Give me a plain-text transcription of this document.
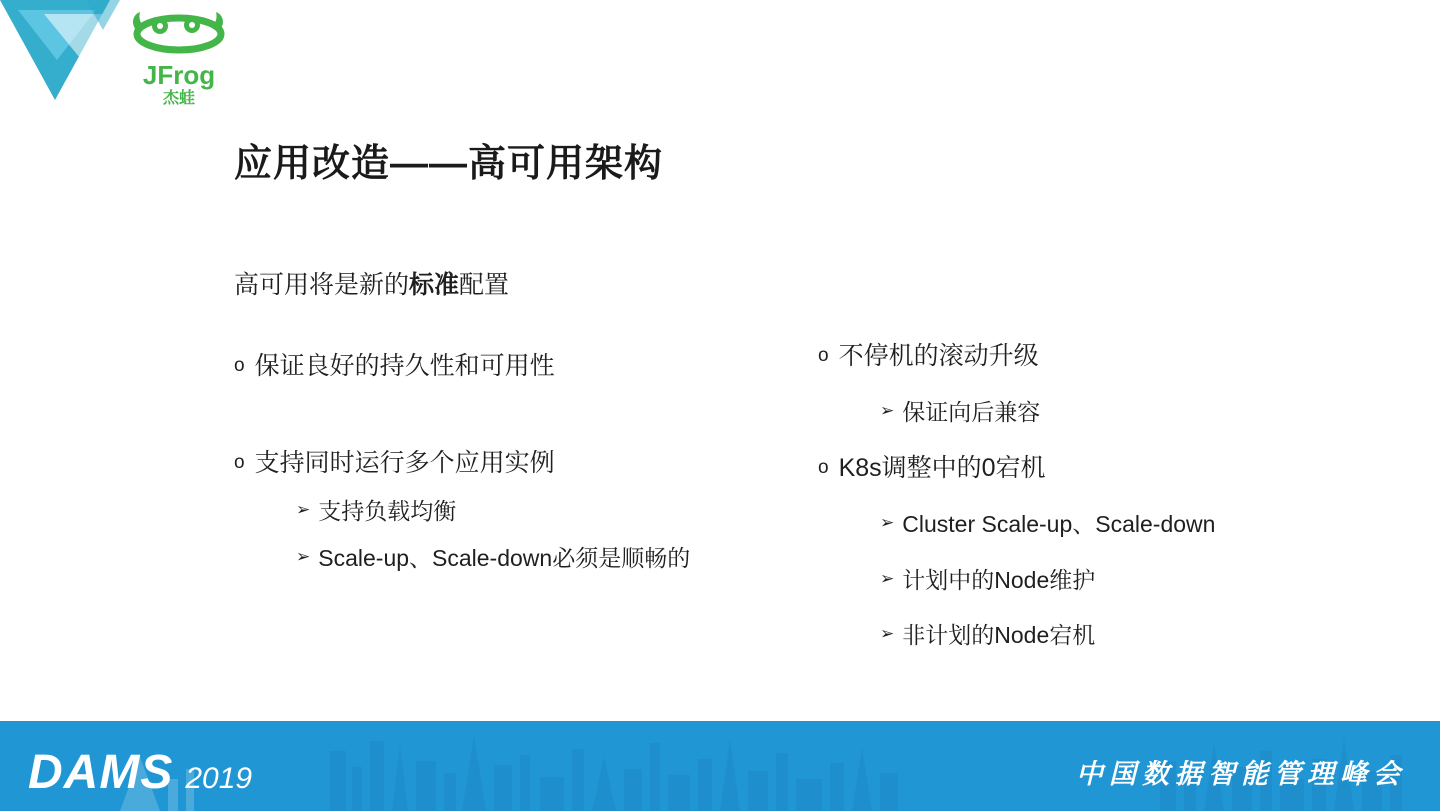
JFrog
杰蛙
应用改造——高可用架构
高可用将是新的标准配置
o 保证良好的持久性和可用性
o 支持同时运行多个应用实例
➢ 支持负载均衡
➢ Scale-up、Scale-down必须是顺畅的
o 不停机的滚动升级
➢ 保证向后兼容
o K8s调整中的0宕机
➢ Cluster Scale-up、Scale-down
➢ 计划中的Node维护
➢ 非计划的Node宕机
DAMS 2019	中国数据智能管理峰会
